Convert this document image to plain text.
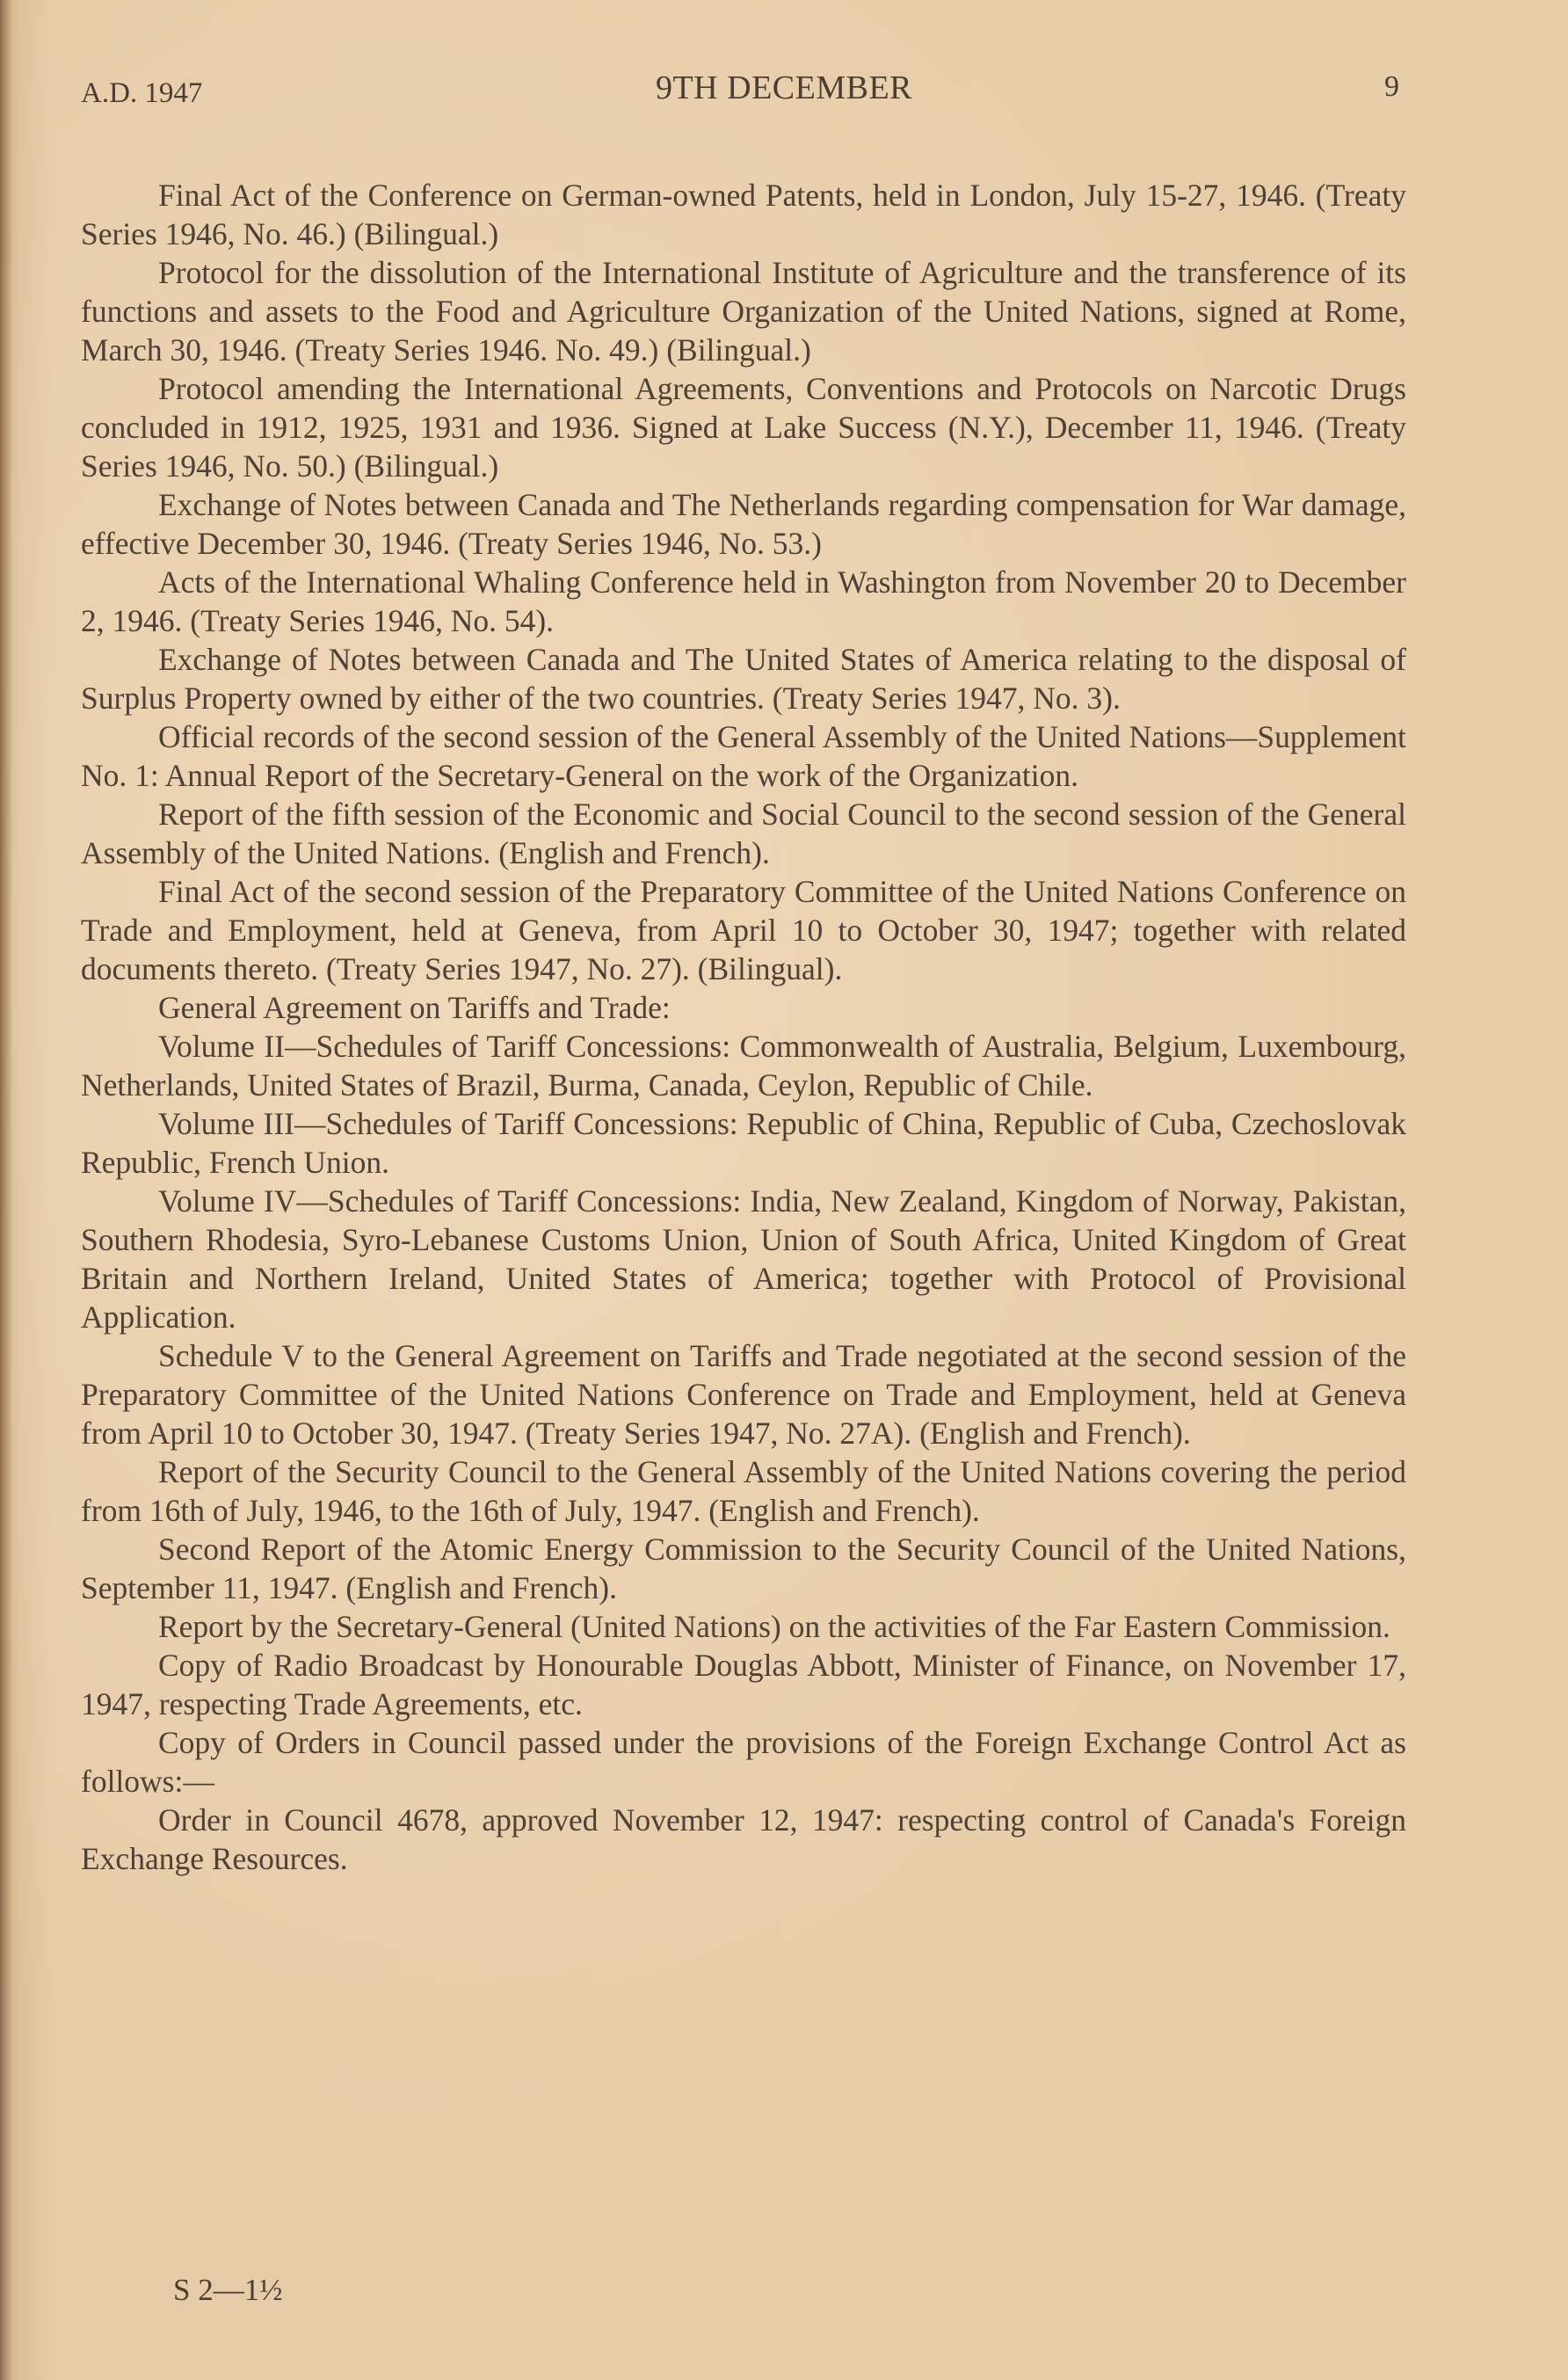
A.D. 1947	9TH DECEMBER	9

Final Act of the Conference on German-owned Patents, held in London, July 15-27, 1946. (Treaty Series 1946, No. 46.) (Bilingual.)

Protocol for the dissolution of the International Institute of Agriculture and the transference of its functions and assets to the Food and Agriculture Organization of the United Nations, signed at Rome, March 30, 1946. (Treaty Series 1946. No. 49.) (Bilingual.)

Protocol amending the International Agreements, Conventions and Protocols on Narcotic Drugs concluded in 1912, 1925, 1931 and 1936. Signed at Lake Success (N.Y.), December 11, 1946. (Treaty Series 1946, No. 50.) (Bilingual.)

Exchange of Notes between Canada and The Netherlands regarding compensation for War damage, effective December 30, 1946. (Treaty Series 1946, No. 53.)

Acts of the International Whaling Conference held in Washington from November 20 to December 2, 1946. (Treaty Series 1946, No. 54).

Exchange of Notes between Canada and The United States of America relating to the disposal of Surplus Property owned by either of the two countries. (Treaty Series 1947, No. 3).

Official records of the second session of the General Assembly of the United Nations—Supplement No. 1: Annual Report of the Secretary-General on the work of the Organization.

Report of the fifth session of the Economic and Social Council to the second session of the General Assembly of the United Nations. (English and French).

Final Act of the second session of the Preparatory Committee of the United Nations Conference on Trade and Employment, held at Geneva, from April 10 to October 30, 1947; together with related documents thereto. (Treaty Series 1947, No. 27). (Bilingual).

General Agreement on Tariffs and Trade:

Volume II—Schedules of Tariff Concessions: Commonwealth of Australia, Belgium, Luxembourg, Netherlands, United States of Brazil, Burma, Canada, Ceylon, Republic of Chile.

Volume III—Schedules of Tariff Concessions: Republic of China, Republic of Cuba, Czechoslovak Republic, French Union.

Volume IV—Schedules of Tariff Concessions: India, New Zealand, Kingdom of Norway, Pakistan, Southern Rhodesia, Syro-Lebanese Customs Union, Union of South Africa, United Kingdom of Great Britain and Northern Ireland, United States of America; together with Protocol of Provisional Application.

Schedule V to the General Agreement on Tariffs and Trade negotiated at the second session of the Preparatory Committee of the United Nations Conference on Trade and Employment, held at Geneva from April 10 to October 30, 1947. (Treaty Series 1947, No. 27A). (English and French).

Report of the Security Council to the General Assembly of the United Nations covering the period from 16th of July, 1946, to the 16th of July, 1947. (English and French).

Second Report of the Atomic Energy Commission to the Security Council of the United Nations, September 11, 1947. (English and French).

Report by the Secretary-General (United Nations) on the activities of the Far Eastern Commission.

Copy of Radio Broadcast by Honourable Douglas Abbott, Minister of Finance, on November 17, 1947, respecting Trade Agreements, etc.

Copy of Orders in Council passed under the provisions of the Foreign Exchange Control Act as follows:—

Order in Council 4678, approved November 12, 1947: respecting control of Canada's Foreign Exchange Resources.

S 2—1½
